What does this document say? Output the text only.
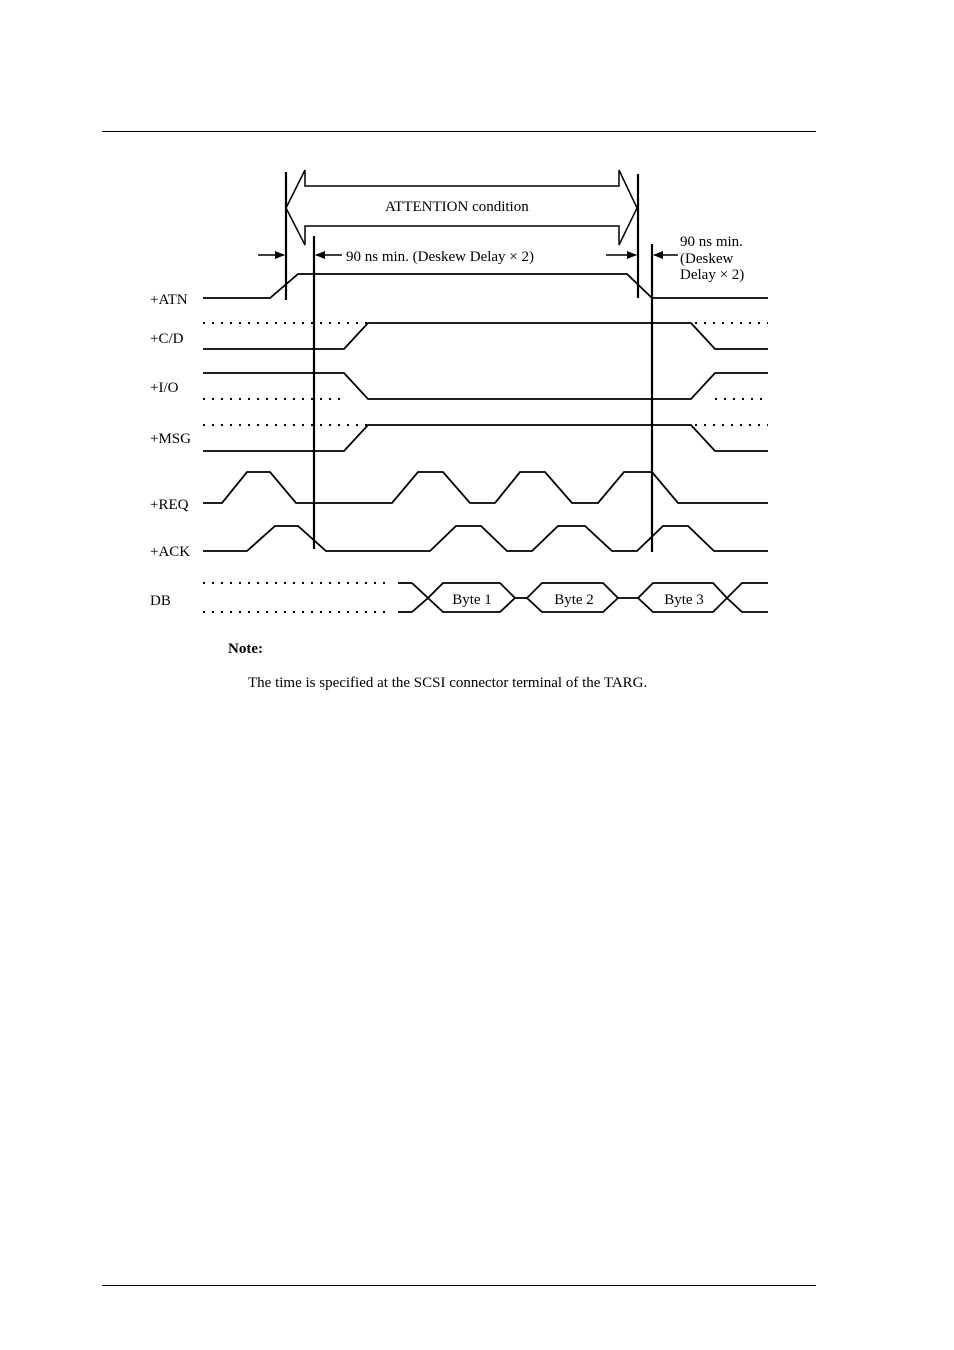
ATTENTION condition
90 ns min. (Deskew Delay × 2)
90 ns min.
(Deskew
Delay × 2)
+ATN
+C/D
+I/O
+MSG
+REQ
+ACK
DB	Byte 1	Byte 2	Byte 3
Note:
The time is specified at the SCSI connector terminal of the TARG.
